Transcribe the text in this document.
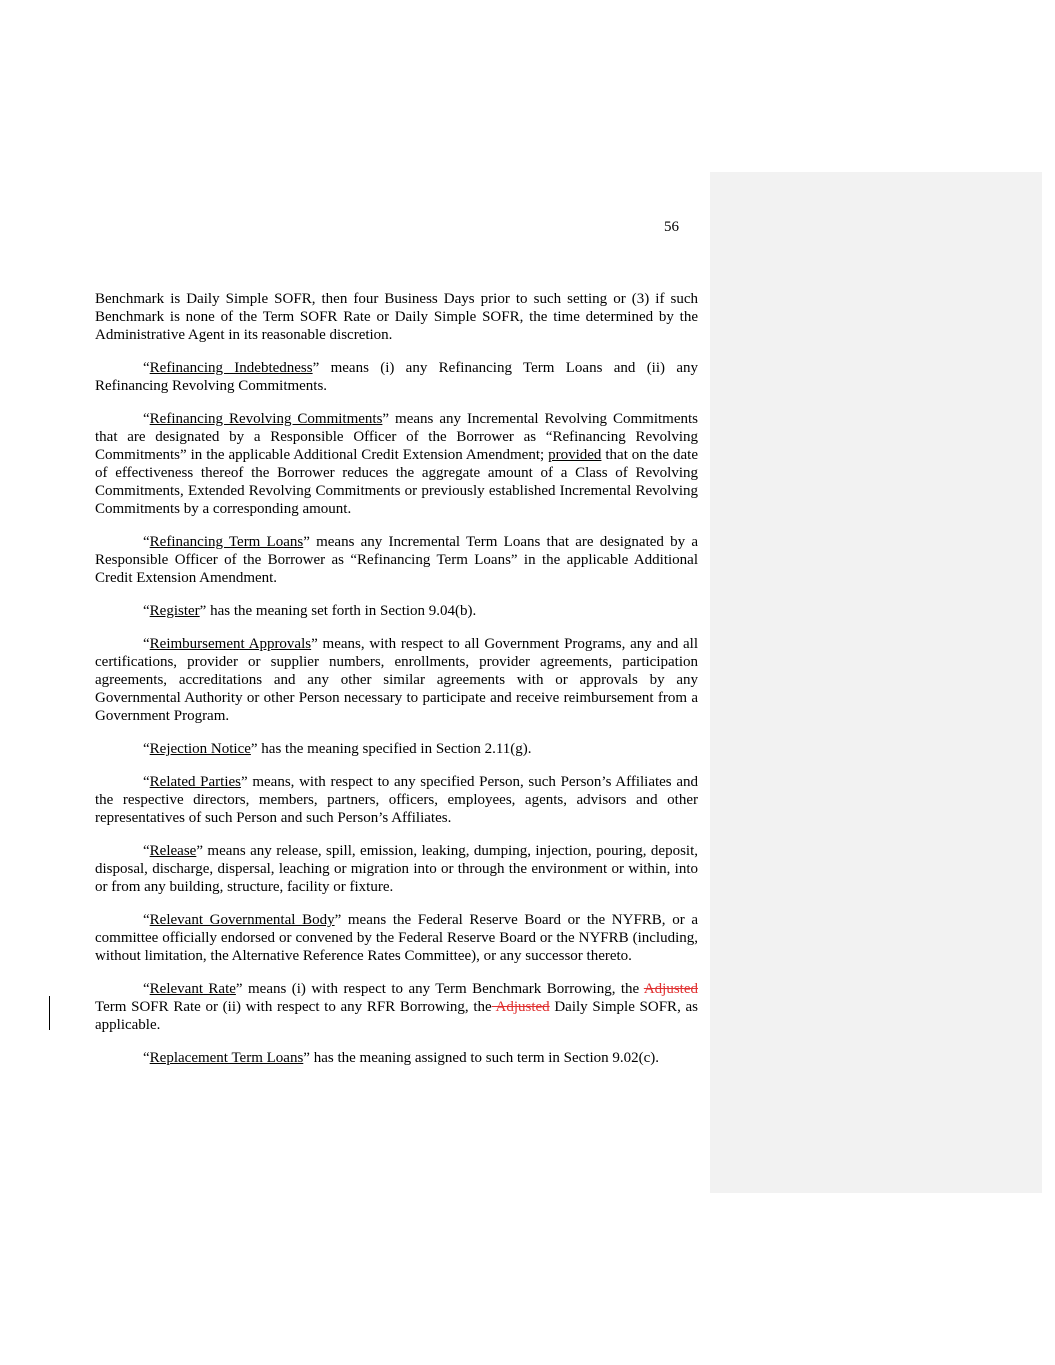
56

Benchmark is Daily Simple SOFR, then four Business Days prior to such setting or (3) if such Benchmark is none of the Term SOFR Rate or Daily Simple SOFR, the time determined by the Administrative Agent in its reasonable discretion.

“Refinancing Indebtedness” means (i) any Refinancing Term Loans and (ii) any Refinancing Revolving Commitments.

“Refinancing Revolving Commitments” means any Incremental Revolving Commitments that are designated by a Responsible Officer of the Borrower as “Refinancing Revolving Commitments” in the applicable Additional Credit Extension Amendment; provided that on the date of effectiveness thereof the Borrower reduces the aggregate amount of a Class of Revolving Commitments, Extended Revolving Commitments or previously established Incremental Revolving Commitments by a corresponding amount.

“Refinancing Term Loans” means any Incremental Term Loans that are designated by a Responsible Officer of the Borrower as “Refinancing Term Loans” in the applicable Additional Credit Extension Amendment.

“Register” has the meaning set forth in Section 9.04(b).

“Reimbursement Approvals” means, with respect to all Government Programs, any and all certifications, provider or supplier numbers, enrollments, provider agreements, participation agreements, accreditations and any other similar agreements with or approvals by any Governmental Authority or other Person necessary to participate and receive reimbursement from a Government Program.

“Rejection Notice” has the meaning specified in Section 2.11(g).

“Related Parties” means, with respect to any specified Person, such Person’s Affiliates and the respective directors, members, partners, officers, employees, agents, advisors and other representatives of such Person and such Person’s Affiliates.

“Release” means any release, spill, emission, leaking, dumping, injection, pouring, deposit, disposal, discharge, dispersal, leaching or migration into or through the environment or within, into or from any building, structure, facility or fixture.

“Relevant Governmental Body” means the Federal Reserve Board or the NYFRB, or a committee officially endorsed or convened by the Federal Reserve Board or the NYFRB (including, without limitation, the Alternative Reference Rates Committee), or any successor thereto.

“Relevant Rate” means (i) with respect to any Term Benchmark Borrowing, the Adjusted Term SOFR Rate or (ii) with respect to any RFR Borrowing, the Adjusted Daily Simple SOFR, as applicable.

“Replacement Term Loans” has the meaning assigned to such term in Section 9.02(c).
